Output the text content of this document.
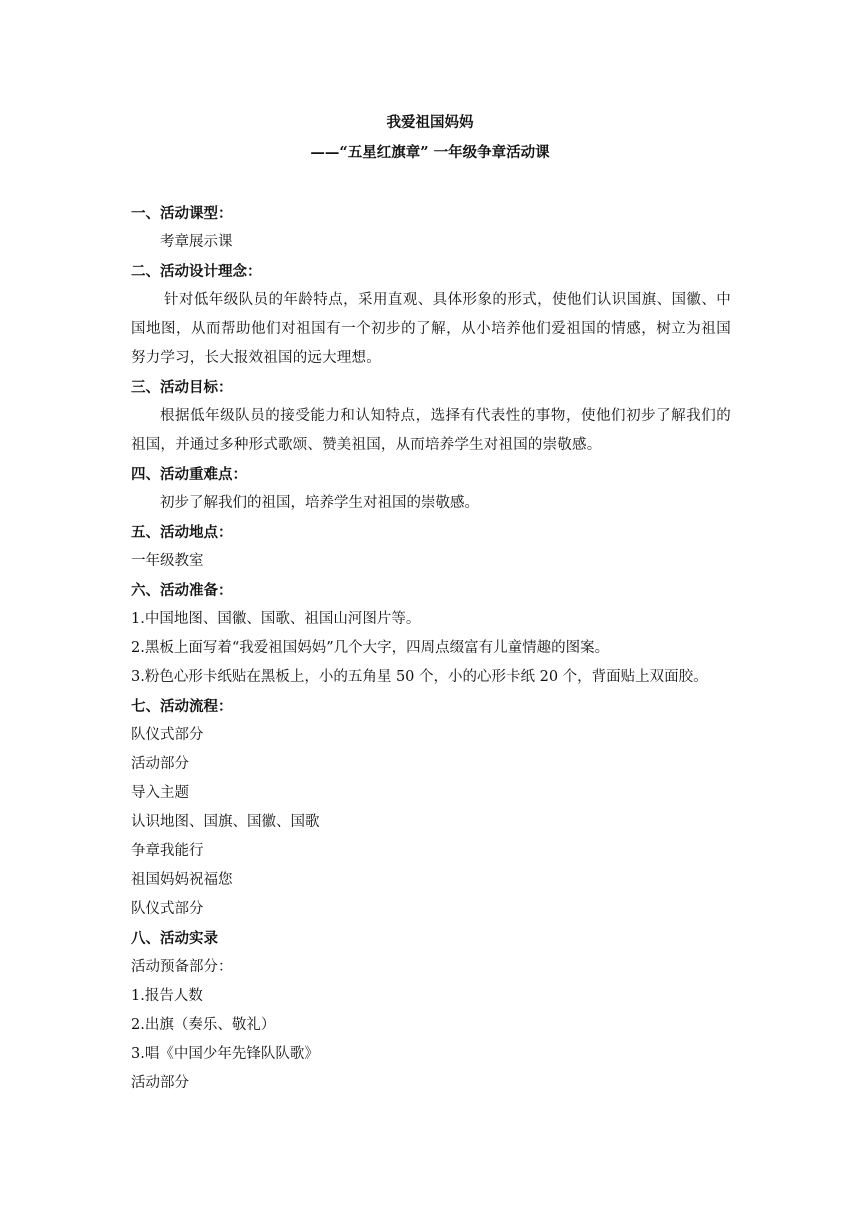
我爱祖国妈妈
——“五星红旗章” 一年级争章活动课
一、活动课型：
考章展示课
二、活动设计理念：
针对低年级队员的年龄特点，采用直观、具体形象的形式，使他们认识国旗、国徽、中国地图，从而帮助他们对祖国有一个初步的了解，从小培养他们爱祖国的情感，树立为祖国努力学习，长大报效祖国的远大理想。
三、活动目标：
根据低年级队员的接受能力和认知特点，选择有代表性的事物，使他们初步了解我们的祖国，并通过多种形式歌颂、赞美祖国，从而培养学生对祖国的崇敬感。
四、活动重难点：
初步了解我们的祖国，培养学生对祖国的崇敬感。
五、活动地点：
一年级教室
六、活动准备：
1.中国地图、国徽、国歌、祖国山河图片等。
2.黑板上面写着“我爱祖国妈妈”几个大字，四周点缀富有儿童情趣的图案。
3.粉色心形卡纸贴在黑板上，小的五角星 50 个，小的心形卡纸 20 个，背面贴上双面胶。
七、活动流程：
队仪式部分
活动部分
导入主题
认识地图、国旗、国徽、国歌
争章我能行
祖国妈妈祝福您
队仪式部分
八、活动实录
活动预备部分：
1.报告人数
2.出旗（奏乐、敬礼）
3.唱《中国少年先锋队队歌》
活动部分
